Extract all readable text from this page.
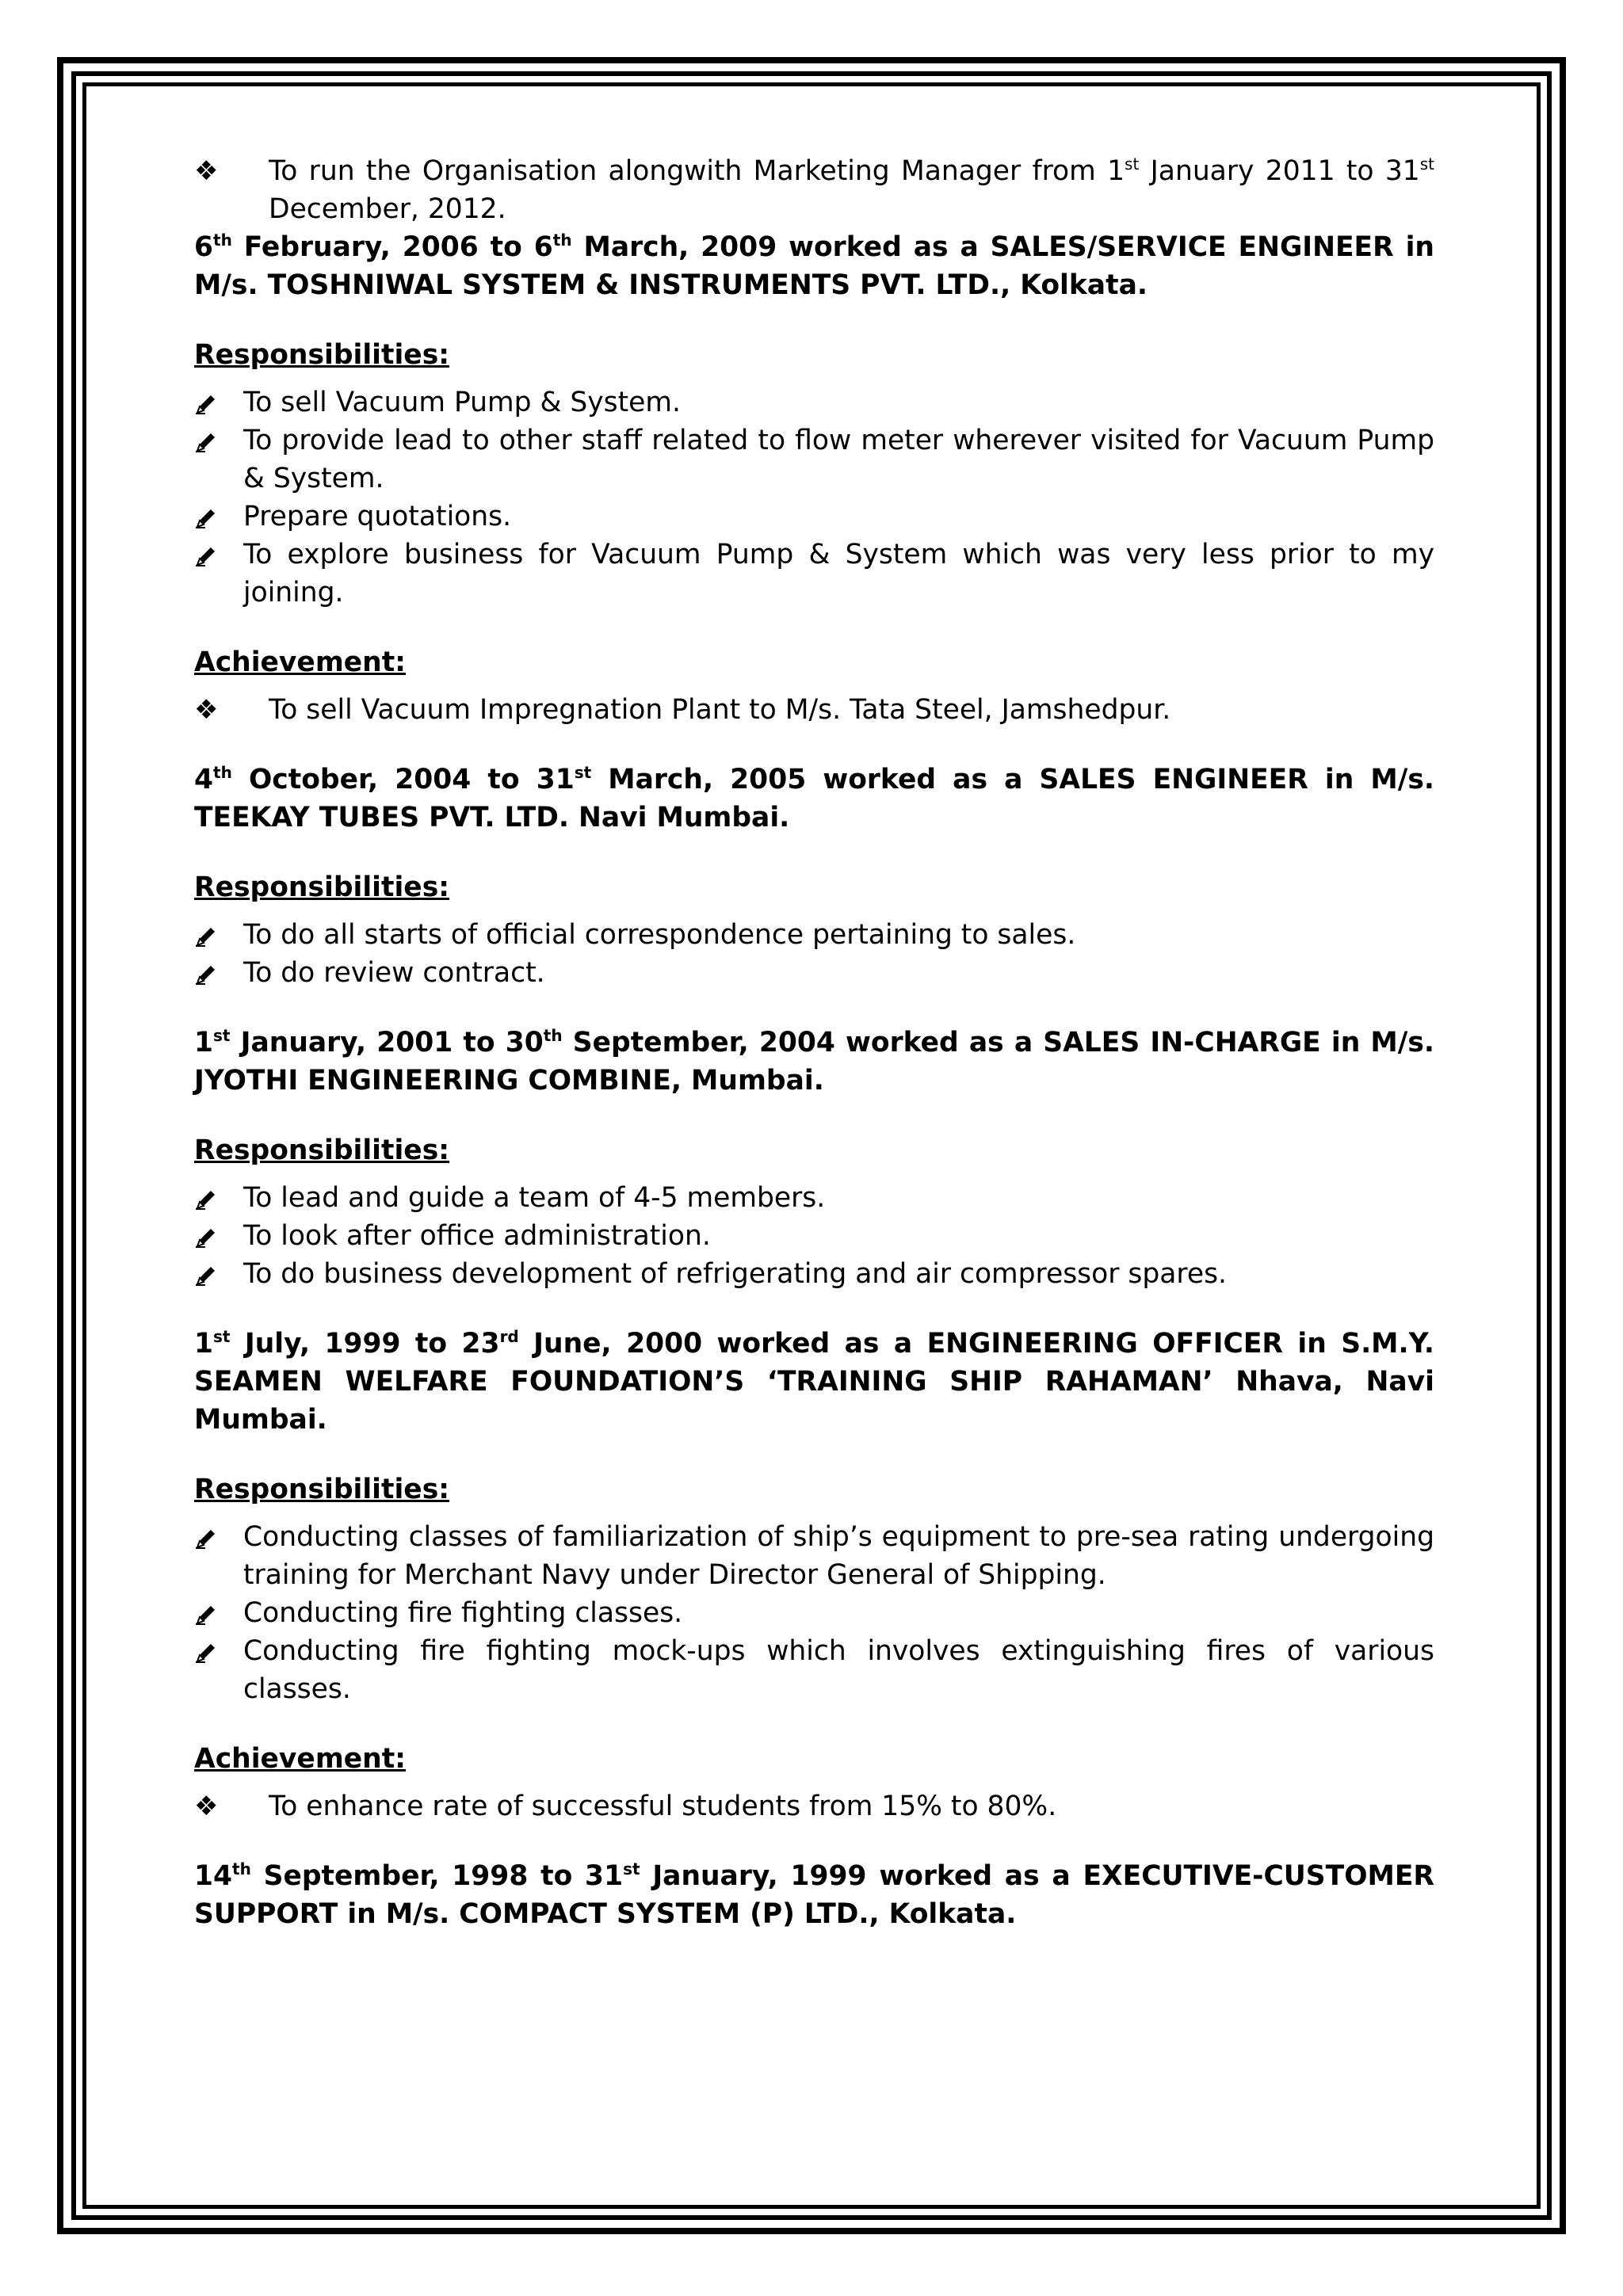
❖	To run the Organisation alongwith Marketing Manager from 1st January 2011 to 31st December, 2012.
6th February, 2006 to 6th March, 2009 worked as a SALES/SERVICE ENGINEER in M/s. TOSHNIWAL SYSTEM & INSTRUMENTS PVT. LTD., Kolkata.
Responsibilities:
To sell Vacuum Pump & System.
To provide lead to other staff related to flow meter wherever visited for Vacuum Pump & System.
Prepare quotations.
To explore business for Vacuum Pump & System which was very less prior to my joining.
Achievement:
❖	To sell Vacuum Impregnation Plant to M/s. Tata Steel, Jamshedpur.
4th October, 2004 to 31st March, 2005 worked as a SALES ENGINEER in M/s. TEEKAY TUBES PVT. LTD. Navi Mumbai.
Responsibilities:
To do all starts of official correspondence pertaining to sales.
To do review contract.
1st January, 2001 to 30th September, 2004 worked as a SALES IN-CHARGE in M/s. JYOTHI ENGINEERING COMBINE, Mumbai.
Responsibilities:
To lead and guide a team of 4-5 members.
To look after office administration.
To do business development of refrigerating and air compressor spares.
1st July, 1999 to 23rd June, 2000 worked as a ENGINEERING OFFICER in S.M.Y. SEAMEN WELFARE FOUNDATION’S ‘TRAINING SHIP RAHAMAN’ Nhava, Navi Mumbai.
Responsibilities:
Conducting classes of familiarization of ship’s equipment to pre-sea rating undergoing training for Merchant Navy under Director General of Shipping.
Conducting fire fighting classes.
Conducting fire fighting mock-ups which involves extinguishing fires of various classes.
Achievement:
❖	To enhance rate of successful students from 15% to 80%.
14th September, 1998 to 31st January, 1999 worked as a EXECUTIVE-CUSTOMER SUPPORT in M/s. COMPACT SYSTEM (P) LTD., Kolkata.
